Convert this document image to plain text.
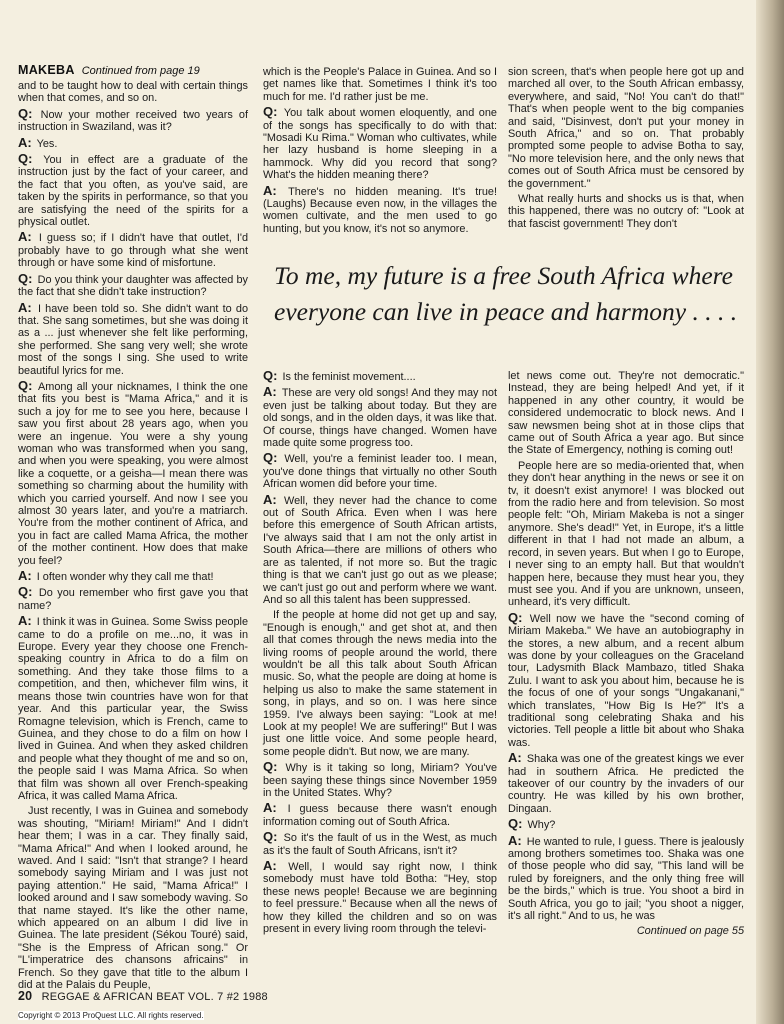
MAKEBA Continued from page 19

and to be taught how to deal with certain things when that comes, and so on.

Q: Now your mother received two years of instruction in Swaziland, was it?

A: Yes.

Q: You in effect are a graduate of the instruction just by the fact of your career, and the fact that you often, as you've said, are taken by the spirits in performance, so that you are satisfying the need of the spirits for a physical outlet.

A: I guess so; if I didn't have that outlet, I'd probably have to go through what she went through or have some kind of misfortune.

Q: Do you think your daughter was affected by the fact that she didn't take instruction?

A: I have been told so. She didn't want to do that. She sang sometimes, but she was doing it as a ... just whenever she felt like performing, she performed. She sang very well; she wrote most of the songs I sing. She used to write beautiful lyrics for me.

Q: Among all your nicknames, I think the one that fits you best is "Mama Africa," and it is such a joy for me to see you here, because I saw you first about 28 years ago, when you were an ingenue. You were a shy young woman who was transformed when you sang, and when you were speaking, you were almost like a coquette, or a geisha—I mean there was something so charming about the humility with which you carried yourself. And now I see you almost 30 years later, and you're a matriarch. You're from the mother continent of Africa, and you in fact are called Mama Africa, the mother of the mother continent. How does that make you feel?

A: I often wonder why they call me that!

Q: Do you remember who first gave you that name?

A: I think it was in Guinea. Some Swiss people came to do a profile on me...no, it was in Europe. Every year they choose one French-speaking country in Africa to do a film on something. And they take those films to a competition, and then, whichever film wins, it means those twin countries have won for that year. And this particular year, the Swiss Romagne television, which is French, came to Guinea, and they chose to do a film on how I lived in Guinea. And when they asked children and people what they thought of me and so on, the people said I was Mama Africa. So when that film was shown all over French-speaking Africa, it was called Mama Africa.

Just recently, I was in Guinea and somebody was shouting, "Miriam! Miriam!" And I didn't hear them; I was in a car. They finally said, "Mama Africa!" And when I looked around, he waved. And I said: "Isn't that strange? I heard somebody saying Miriam and I was just not paying attention." He said, "Mama Africa!" I looked around and I saw somebody waving. So that name stayed. It's like the other name, which appeared on an album I did live in Guinea. The late president (Sékou Touré) said, "She is the Empress of African song." Or "L'imperatrice des chansons africains" in French. So they gave that title to the album I did at the Palais du Peuple,

which is the People's Palace in Guinea. And so I get names like that. Sometimes I think it's too much for me. I'd rather just be me.

Q: You talk about women eloquently, and one of the songs has specifically to do with that: "Mosadi Ku Rima." Woman who cultivates, while her lazy husband is home sleeping in a hammock. Why did you record that song? What's the hidden meaning there?

A: There's no hidden meaning. It's true! (Laughs) Because even now, in the villages the women cultivate, and the men used to go hunting, but you know, it's not so anymore.

sion screen, that's when people here got up and marched all over, to the South African embassy, everywhere, and said, "No! You can't do that!" That's when people went to the big companies and said, "Disinvest, don't put your money in South Africa," and so on. That probably prompted some people to advise Botha to say, "No more television here, and the only news that comes out of South Africa must be censored by the government."

What really hurts and shocks us is that, when this happened, there was no outcry of: "Look at that fascist government! They don't

To me, my future is a free South Africa where everyone can live in peace and harmony . . . .

Q: Is the feminist movement....

A: These are very old songs! And they may not even just be talking about today. But they are old songs, and in the olden days, it was like that. Of course, things have changed. Women have made quite some progress too.

Q: Well, you're a feminist leader too. I mean, you've done things that virtually no other South African women did before your time.

A: Well, they never had the chance to come out of South Africa. Even when I was here before this emergence of South African artists, I've always said that I am not the only artist in South Africa—there are millions of others who are as talented, if not more so. But the tragic thing is that we can't just go out as we please; we can't just go out and perform where we want. And so all this talent has been suppressed.

If the people at home did not get up and say, "Enough is enough," and get shot at, and then all that comes through the news media into the living rooms of people around the world, there wouldn't be all this talk about South African music. So, what the people are doing at home is helping us also to make the same statement in song, in plays, and so on. I was here since 1959. I've always been saying: "Look at me! Look at my people! We are suffering!" But I was just one little voice. And some people heard, some people didn't. But now, we are many.

Q: Why is it taking so long, Miriam? You've been saying these things since November 1959 in the United States. Why?

A: I guess because there wasn't enough information coming out of South Africa.

Q: So it's the fault of us in the West, as much as it's the fault of South Africans, isn't it?

A: Well, I would say right now, I think somebody must have told Botha: "Hey, stop these news people! Because we are beginning to feel pressure." Because when all the news of how they killed the children and so on was present in every living room through the televi-

let news come out. They're not democratic." Instead, they are being helped! And yet, if it happened in any other country, it would be considered undemocratic to block news. And I saw newsmen being shot at in those clips that came out of South Africa a year ago. But since the State of Emergency, nothing is coming out!

People here are so media-oriented that, when they don't hear anything in the news or see it on tv, it doesn't exist anymore! I was blocked out from the radio here and from television. So most people felt: "Oh, Miriam Makeba is not a singer anymore. She's dead!" Yet, in Europe, it's a little different in that I had not made an album, a record, in seven years. But when I go to Europe, I never sing to an empty hall. But that wouldn't happen here, because they must hear you, they must see you. And if you are unknown, unseen, unheard, it's very difficult.

Q: Well now we have the "second coming of Miriam Makeba." We have an autobiography in the stores, a new album, and a recent album was done by your colleagues on the Graceland tour, Ladysmith Black Mambazo, titled Shaka Zulu. I want to ask you about him, because he is the focus of one of your songs "Ungakanani," which translates, "How Big Is He?" It's a traditional song celebrating Shaka and his victories. Tell people a little bit about who Shaka was.

A: Shaka was one of the greatest kings we ever had in southern Africa. He predicted the takeover of our country by the invaders of our country. He was killed by his own brother, Dingaan.

Q: Why?

A: He wanted to rule, I guess. There is jealously among brothers sometimes too. Shaka was one of those people who did say, "This land will be ruled by foreigners, and the only thing free will be the birds," which is true. You shoot a bird in South Africa, you go to jail; "you shoot a nigger, it's all right." And to us, he was

Continued on page 55
20 REGGAE & AFRICAN BEAT VOL. 7 #2 1988
Copyright © 2013 ProQuest LLC. All rights reserved.
